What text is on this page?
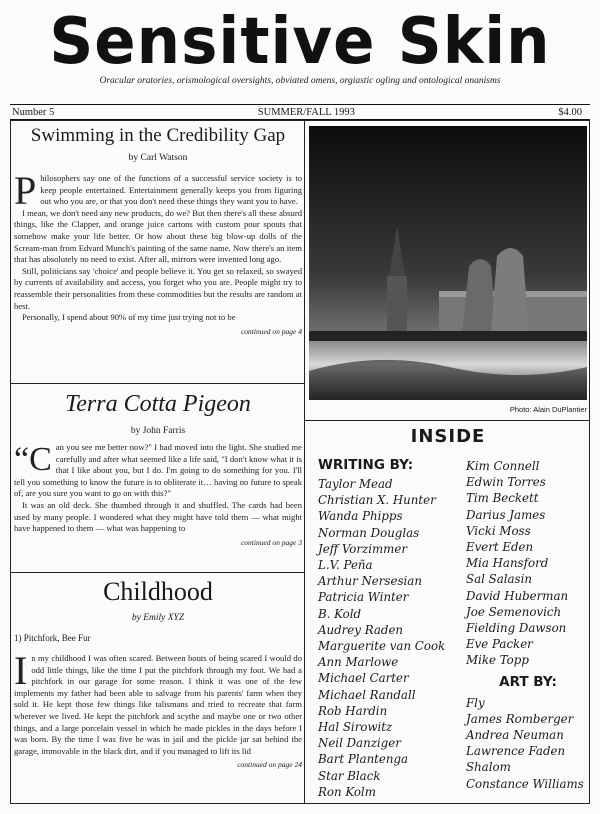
Sensitive Skin
Oracular oratories, orismological oversights, obviated omens, orgiastic ogling and ontological onanisms
Number 5	SUMMER/FALL 1993	$4.00
Swimming in the Credibility Gap
by Carl Watson

Philosophers say one of the functions of a successful service society is to keep people entertained. Entertainment generally keeps you from figuring out who you are, or that you don't need these things they want you to have.

I mean, we don't need any new products, do we? But then there's all these absurd things, like the Clapper, and orange juice cartons with custom pour spouts that somehow make your life better. Or how about these big blow-up dolls of the Scream-man from Edvard Munch's painting of the same name. Now there's an item that has absolutely no need to exist. After all, mirrors were invented long ago.

Still, politicians say 'choice' and people believe it. You get so relaxed, so swayed by currents of availability and access, you forget who you are. People might try to reassemble their personalities from these commodities but the results are random at best.

Personally, I spend about 90% of my time just trying not to be

continued on page 4
Terra Cotta Pigeon
by John Farris

“Can you see me better now?" I had moved into the light. She studied me carefully and after what seemed like a life said, "I don't know what it is that I like about you, but I do. I'm going to do something for you. I'll tell you something to know the future is to obliterate it… having no future to speak of, are you sure you want to go on with this?"

It was an old deck. She thumbed through it and shuffled. The cards had been used by many people. I wondered what they might have told them — what might have happened to them — what was happening to

continued on page 3
Childhood
by Emily XYZ
1) Pitchfork, Bee Fur

In my childhood I was often scared. Between bouts of being scared I would do odd little things, like the time I put the pitchfork through my foot. We had a pitchfork in our garage for some reason. I think it was one of the few implements my father had been able to salvage from his parents' farm when they sold it. He kept those few things like talismans and tried to recreate that farm wherever we lived. He kept the pitchfork and scythe and maybe one or two other things, and a large porcelain vessel in which he made pickles in the days before I was born. By the time I was five he was in jail and the pickle jar sat behind the garage, immovable in the black dirt, and if you managed to lift its lid

continued on page 24
Photo: Alain DuPlantier
INSIDE
WRITING BY:
Taylor Mead
Christian X. Hunter
Wanda Phipps
Norman Douglas
Jeff Vorzimmer
L.V. Peña
Arthur Nersesian
Patricia Winter
B. Kold
Audrey Raden
Marguerite van Cook
Ann Marlowe
Michael Carter
Michael Randall
Rob Hardin
Hal Sirowitz
Neil Danziger
Bart Plantenga
Star Black
Ron Kolm
Kim Connell
Edwin Torres
Tim Beckett
Darius James
Vicki Moss
Evert Eden
Mia Hansford
Sal Salasin
David Huberman
Joe Semenovich
Fielding Dawson
Eve Packer
Mike Topp
ART BY:
Fly
James Romberger
Andrea Neuman
Lawrence Faden
Shalom
Constance Williams
